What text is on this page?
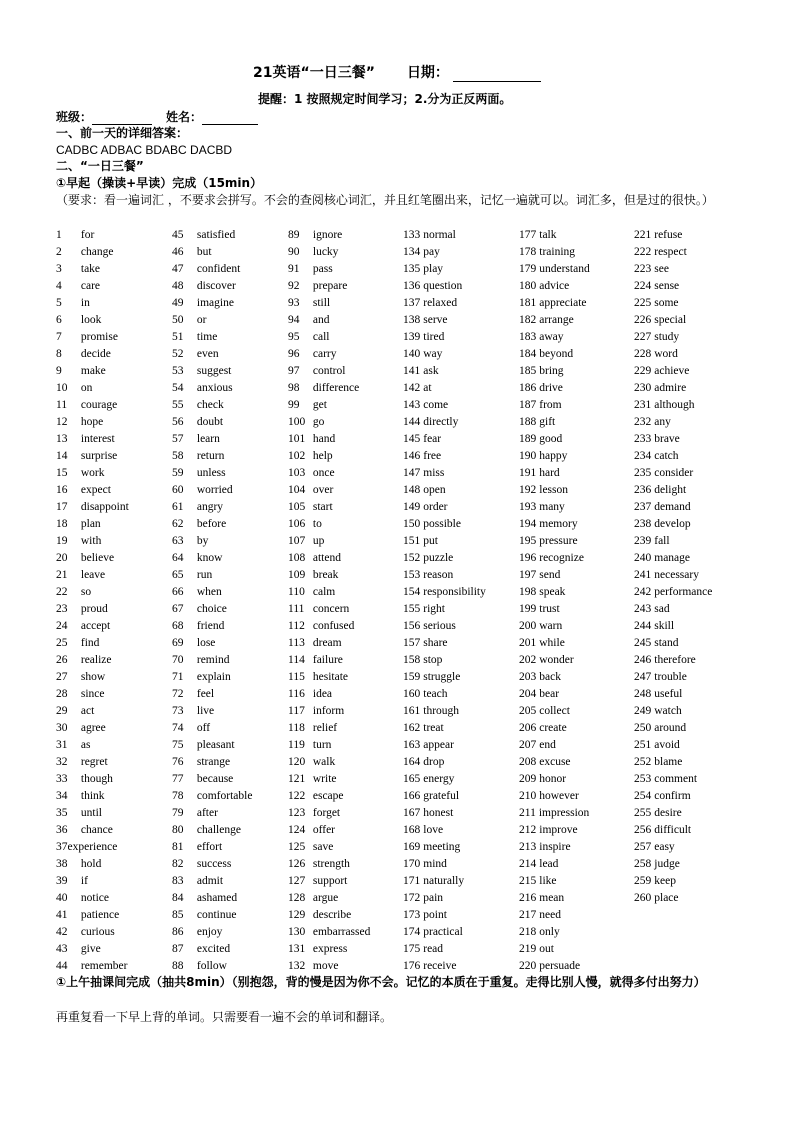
21英语“一日三餐” 日期：
提醒：1 按照规定时间学习；2.分为正反两面。
班级：	姓名：
一、前一天的详细答案：
CADBC ADBAC BDABC DACBD
二、“一日三餐”
①早起（操读+早读）完成（15min）
（要求：看一遍词汇 ，不要求会拼写。不会的查阅核心词汇，并且红笔圈出来，记忆一遍就可以。词汇多，但是过的很快。）
1 for
2 change
3 take
4 care
5 in
6 look
7 promise
8 decide
9 make
10 on
11 courage
12 hope
13 interest
14 surprise
15 work
16 expect
17 disappoint
18 plan
19 with
20 believe
21 leave
22 so
23 proud
24 accept
25 find
26 realize
27 show
28 since
29 act
30 agree
31 as
32 regret
33 though
34 think
35 until
36 chance
37experience
38 hold
39 if
40 notice
41 patience
42 curious
43 give
44 remember
45 satisfied
46 but
47 confident
48 discover
49 imagine
50 or
51 time
52 even
53 suggest
54 anxious
55 check
56 doubt
57 learn
58 return
59 unless
60 worried
61 angry
62 before
63 by
64 know
65 run
66 when
67 choice
68 friend
69 lose
70 remind
71 explain
72 feel
73 live
74 off
75 pleasant
76 strange
77 because
78 comfortable
79 after
80 challenge
81 effort
82 success
83 admit
84 ashamed
85 continue
86 enjoy
87 excited
88 follow
89 ignore
90 lucky
91 pass
92 prepare
93 still
94 and
95 call
96 carry
97 control
98 difference
99 get
100 go
101 hand
102 help
103 once
104 over
105 start
106 to
107 up
108 attend
109 break
110 calm
111 concern
112 confused
113 dream
114 failure
115 hesitate
116 idea
117 inform
118 relief
119 turn
120 walk
121 write
122 escape
123 forget
124 offer
125 save
126 strength
127 support
128 argue
129 describe
130 embarrassed
131 express
132 move
133 normal
134 pay
135 play
136 question
137 relaxed
138 serve
139 tired
140 way
141 ask
142 at
143 come
144 directly
145 fear
146 free
147 miss
148 open
149 order
150 possible
151 put
152 puzzle
153 reason
154 responsibility
155 right
156 serious
157 share
158 stop
159 struggle
160 teach
161 through
162 treat
163 appear
164 drop
165 energy
166 grateful
167 honest
168 love
169 meeting
170 mind
171 naturally
172 pain
173 point
174 practical
175 read
176 receive
177 talk
178 training
179 understand
180 advice
181 appreciate
182 arrange
183 away
184 beyond
185 bring
186 drive
187 from
188 gift
189 good
190 happy
191 hard
192 lesson
193 many
194 memory
195 pressure
196 recognize
197 send
198 speak
199 trust
200 warn
201 while
202 wonder
203 back
204 bear
205 collect
206 create
207 end
208 excuse
209 honor
210 however
211 impression
212 improve
213 inspire
214 lead
215 like
216 mean
217 need
218 only
219 out
220 persuade
221 refuse
222 respect
223 see
224 sense
225 some
226 special
227 study
228 word
229 achieve
230 admire
231 although
232 any
233 brave
234 catch
235 consider
236 delight
237 demand
238 develop
239 fall
240 manage
241 necessary
242 performance
243 sad
244 skill
245 stand
246 therefore
247 trouble
248 useful
249 watch
250 around
251 avoid
252 blame
253 comment
254 confirm
255 desire
256 difficult
257 easy
258 judge
259 keep
260 place
①上午抽课间完成（抽共8min）（别抱怨，背的慢是因为你不会。记忆的本质在于重复。走得比别人慢，就得多付出努力）
再重复看一下早上背的单词。只需要看一遍不会的单词和翻译。
